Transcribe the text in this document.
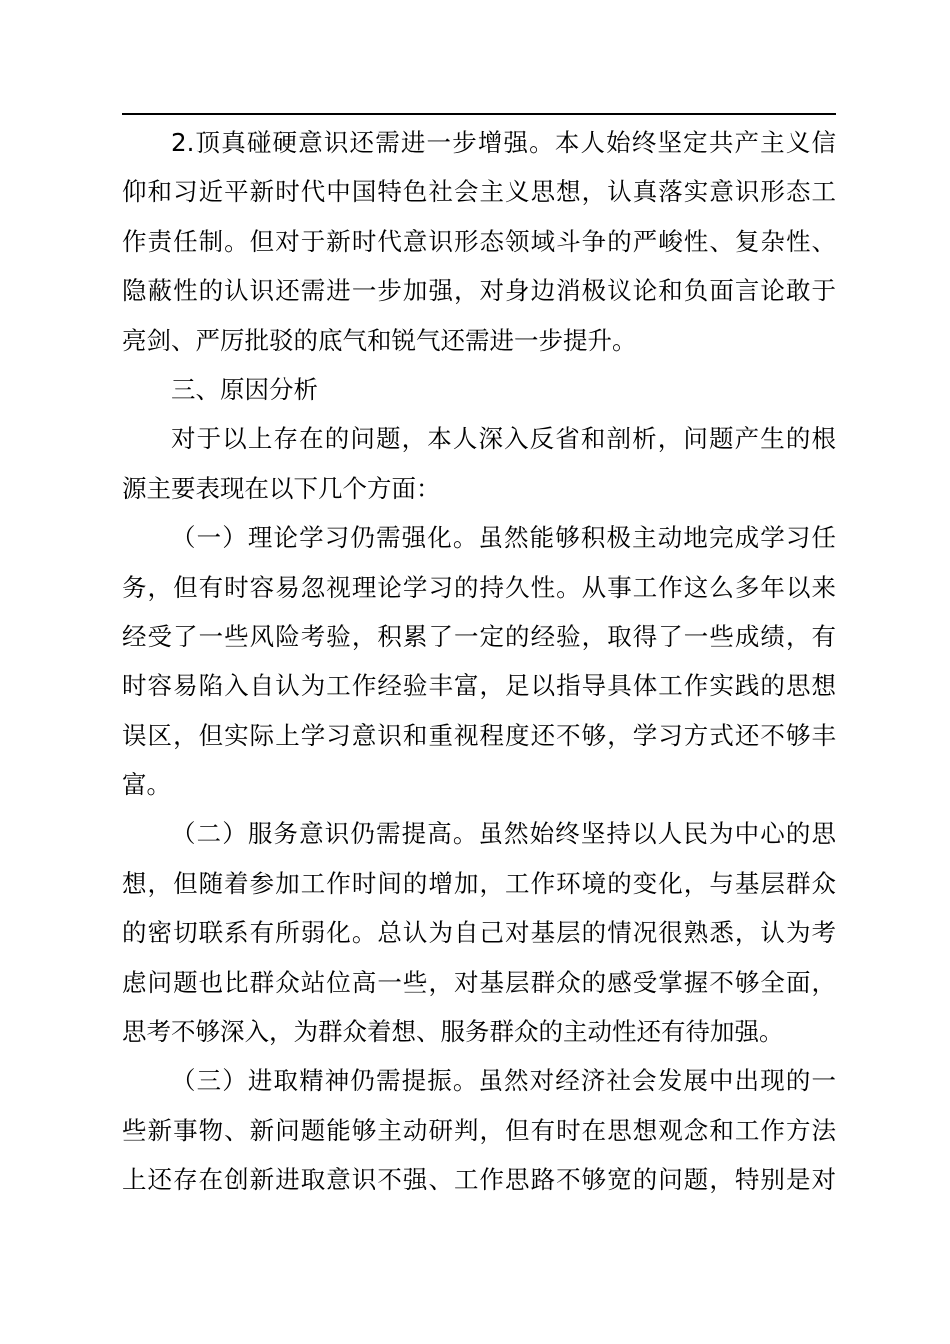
2.顶真碰硬意识还需进一步增强。本人始终坚定共产主义信
仰和习近平新时代中国特色社会主义思想，认真落实意识形态工
作责任制。但对于新时代意识形态领域斗争的严峻性、复杂性、
隐蔽性的认识还需进一步加强，对身边消极议论和负面言论敢于
亮剑、严厉批驳的底气和锐气还需进一步提升。
三、原因分析
对于以上存在的问题，本人深入反省和剖析，问题产生的根
源主要表现在以下几个方面：
（一）理论学习仍需强化。虽然能够积极主动地完成学习任
务，但有时容易忽视理论学习的持久性。从事工作这么多年以来
经受了一些风险考验，积累了一定的经验，取得了一些成绩，有
时容易陷入自认为工作经验丰富，足以指导具体工作实践的思想
误区，但实际上学习意识和重视程度还不够，学习方式还不够丰
富。
（二）服务意识仍需提高。虽然始终坚持以人民为中心的思
想，但随着参加工作时间的增加，工作环境的变化，与基层群众
的密切联系有所弱化。总认为自己对基层的情况很熟悉，认为考
虑问题也比群众站位高一些，对基层群众的感受掌握不够全面，
思考不够深入，为群众着想、服务群众的主动性还有待加强。
（三）进取精神仍需提振。虽然对经济社会发展中出现的一
些新事物、新问题能够主动研判，但有时在思想观念和工作方法
上还存在创新进取意识不强、工作思路不够宽的问题，特别是对
